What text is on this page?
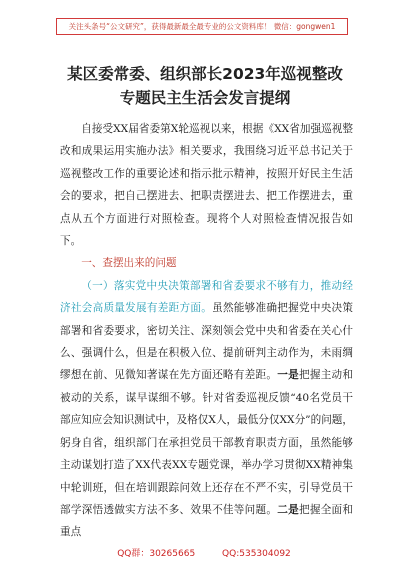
关注头条号“公文研究”，获得最新最全最专业的公文资料库！ 微信：gongwen1
某区委常委、组织部长2023年巡视整改
专题民主生活会发言提纲

自接受XX届省委第X轮巡视以来，根据《XX省加强巡视整改和成果运用实施办法》相关要求，我围绕习近平总书记关于巡视整改工作的重要论述和指示批示精神，按照开好民主生活会的要求，把自己摆进去、把职责摆进去、把工作摆进去，重点从五个方面进行对照检查。现将个人对照检查情况报告如下。

一、查摆出来的问题

（一）落实党中央决策部署和省委要求不够有力，推动经济社会高质量发展有差距方面。虽然能够准确把握党中央决策部署和省委要求，密切关注、深刻领会党中央和省委在关心什么、强调什么，但是在积极入位、提前研判主动作为，未雨绸缪想在前、见微知著谋在先方面还略有差距。一是把握主动和被动的关系，谋早谋细不够。针对省委巡视反馈“40名党员干部应知应会知识测试中，及格仅X人，最低分仅XX分”的问题，躬身自省，组织部门在承担党员干部教育职责方面，虽然能够主动谋划打造了XX代表XX专题党课，举办学习贯彻XX精神集中轮训班，但在培训跟踪问效上还存在不严不实，引导党员干部学深悟透做实方法不多、效果不佳等问题。二是把握全面和重点

QQ群：30265665	QQ:535304092
